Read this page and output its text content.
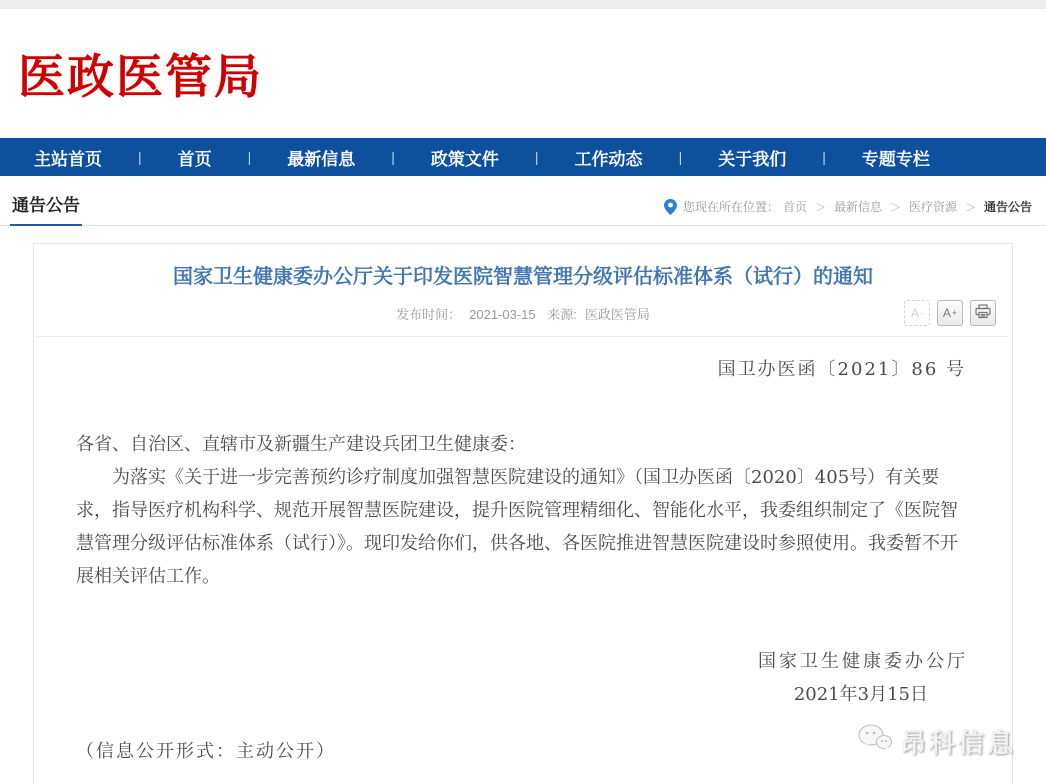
医政医管局
主站首页	| 首页	| 最新信息	| 政策文件	| 工作动态	| 关于我们	| 专题专栏
通告公告	您现在所在位置： 首页 ＞ 最新信息 ＞ 医疗资源 ＞ 通告公告
国家卫生健康委办公厅关于印发医院智慧管理分级评估标准体系（试行）的通知
发布时间： 2021-03-15 来源: 医政医管局	A - A +
国卫办医函〔2021〕86 号
各省、自治区、直辖市及新疆生产建设兵团卫生健康委：
为落实《关于进一步完善预约诊疗制度加强智慧医院建设的通知》（国卫办医函〔2020〕405号）有关要求，指导医疗机构科学、规范开展智慧医院建设，提升医院管理精细化、智能化水平，我委组织制定了《医院智慧管理分级评估标准体系（试行）》。现印发给你们，供各地、各医院推进智慧医院建设时参照使用。我委暂不开展相关评估工作。
国家卫生健康委办公厅
2021年3月15日
（信息公开形式：主动公开）	昂科信息
